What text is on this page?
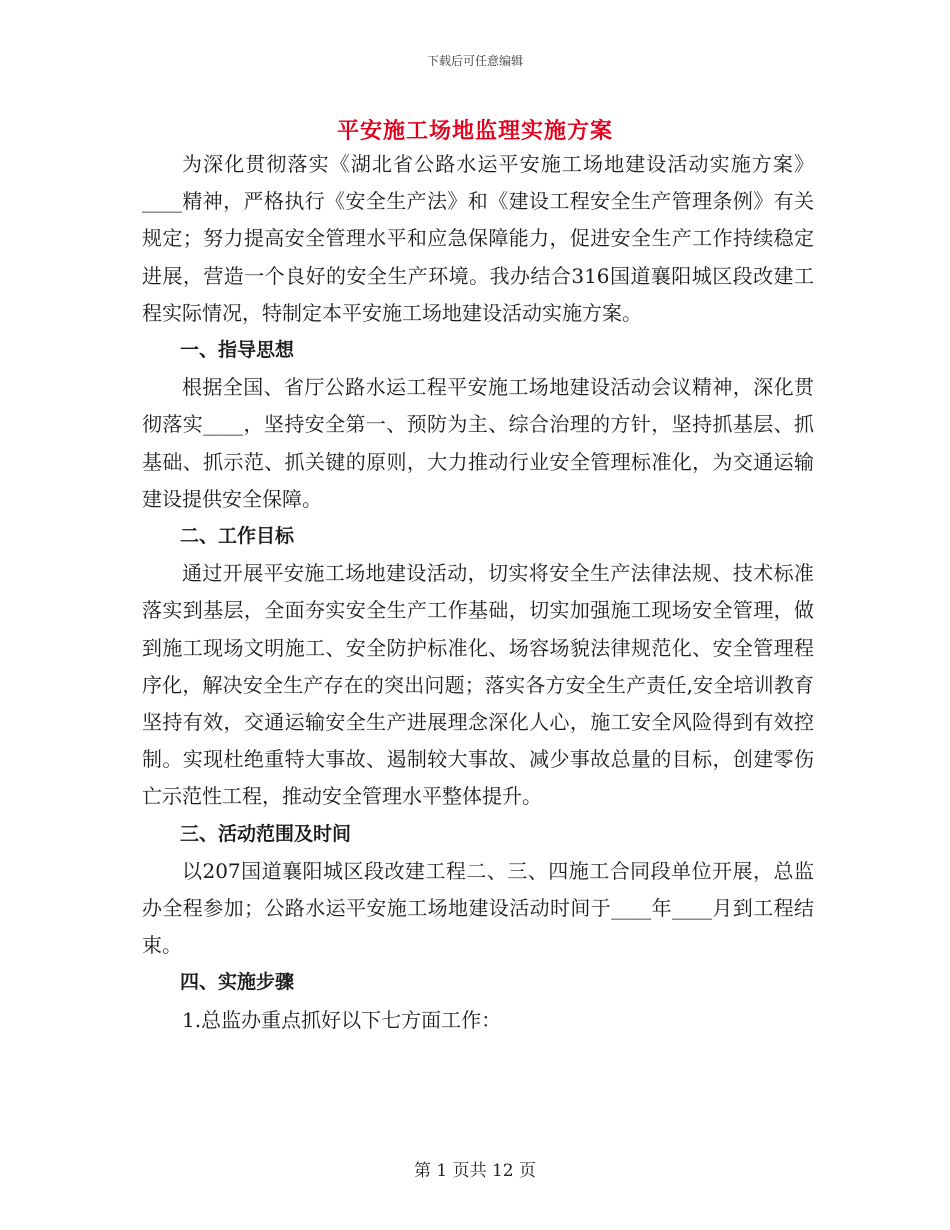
下载后可任意编辑
平安施工场地监理实施方案

为深化贯彻落实《湖北省公路水运平安施工场地建设活动实施方案》____精神，严格执行《安全生产法》和《建设工程安全生产管理条例》有关规定；努力提高安全管理水平和应急保障能力，促进安全生产工作持续稳定进展，营造一个良好的安全生产环境。我办结合316国道襄阳城区段改建工程实际情况，特制定本平安施工场地建设活动实施方案。

一、指导思想

根据全国、省厅公路水运工程平安施工场地建设活动会议精神，深化贯彻落实____，坚持安全第一、预防为主、综合治理的方针，坚持抓基层、抓基础、抓示范、抓关键的原则，大力推动行业安全管理标准化，为交通运输建设提供安全保障。

二、工作目标

通过开展平安施工场地建设活动，切实将安全生产法律法规、技术标准落实到基层，全面夯实安全生产工作基础，切实加强施工现场安全管理，做到施工现场文明施工、安全防护标准化、场容场貌法律规范化、安全管理程序化，解决安全生产存在的突出问题；落实各方安全生产责任,安全培训教育坚持有效，交通运输安全生产进展理念深化人心，施工安全风险得到有效控制。实现杜绝重特大事故、遏制较大事故、减少事故总量的目标，创建零伤亡示范性工程，推动安全管理水平整体提升。

三、活动范围及时间

以207国道襄阳城区段改建工程二、三、四施工合同段单位开展，总监办全程参加；公路水运平安施工场地建设活动时间于____年____月到工程结束。

四、实施步骤

1.总监办重点抓好以下七方面工作：

第 1 页共 12 页
